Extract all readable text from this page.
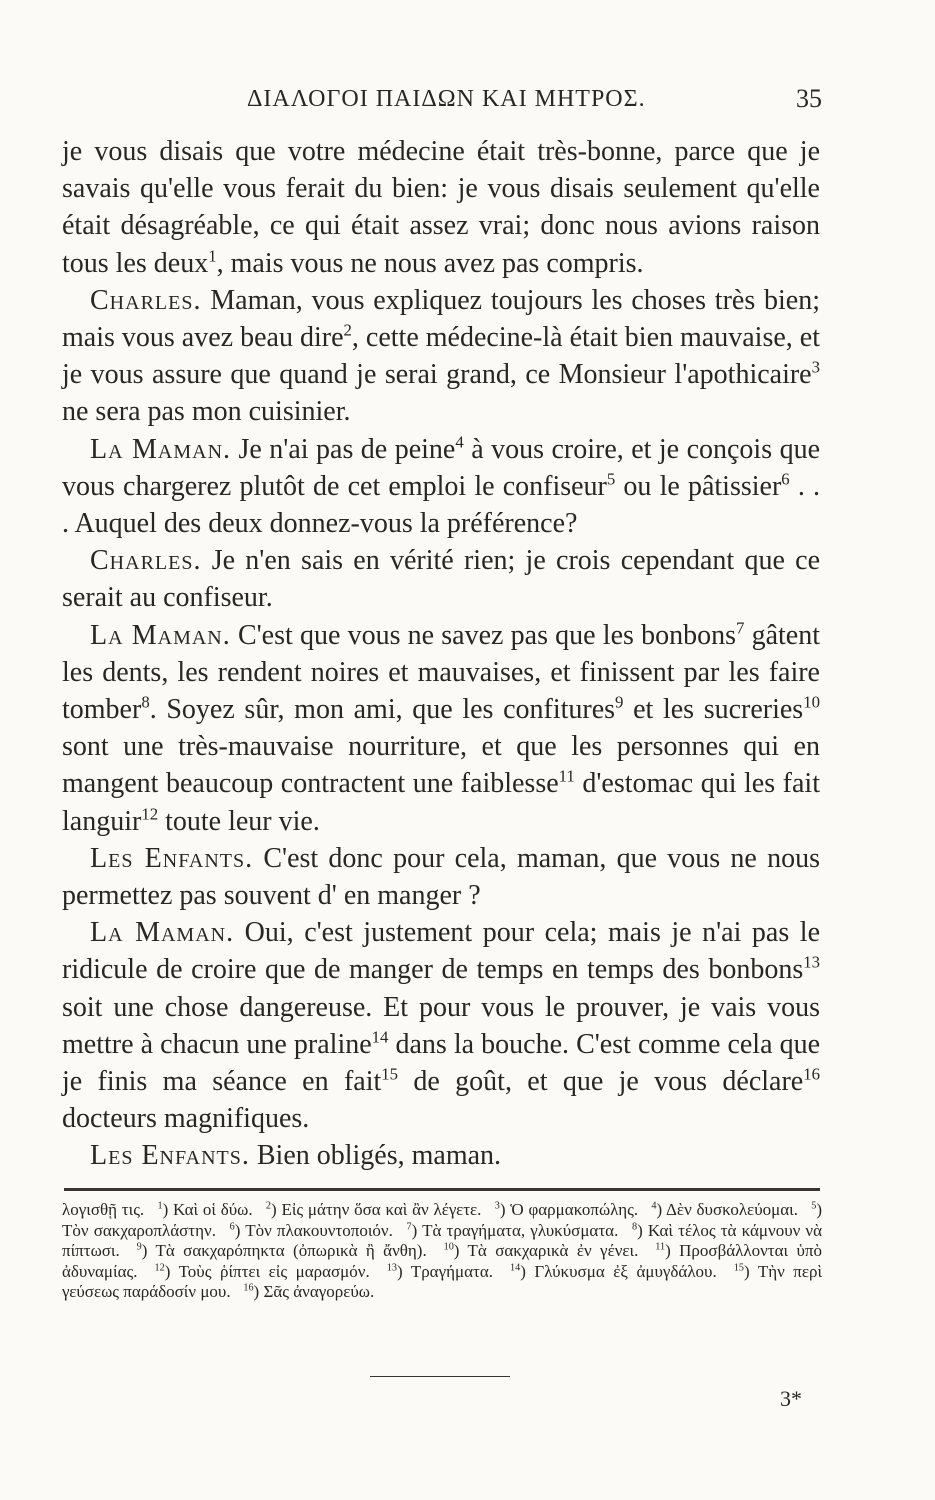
ΔΙΑΛΟΓΟΙ ΠΑΙΔΩΝ ΚΑΙ ΜΗΤΡΟΣ.	35

je vous disais que votre médecine était très-bonne, parce que je savais qu'elle vous ferait du bien: je vous disais seulement qu'elle était désagréable, ce qui était assez vrai; donc nous avions raison tous les deux$^1$, mais vous ne nous avez pas compris.

 Charles. Maman, vous expliquez toujours les choses très bien; mais vous avez beau dire$^2$, cette médecine-là était bien mauvaise, et je vous assure que quand je serai grand, ce Monsieur l'apothicaire$^3$ ne sera pas mon cuisinier.

 La Maman. Je n'ai pas de peine$^4$ à vous croire, et je conçois que vous chargerez plutôt de cet emploi le confiseur$^5$ ou le pâtissier$^6$ . . . Auquel des deux donnez-vous la préférence?

 Charles. Je n'en sais en vérité rien; je crois cependant que ce serait au confiseur.

 La Maman. C'est que vous ne savez pas que les bonbons$^7$ gâtent les dents, les rendent noires et mauvaises, et finissent par les faire tomber$^8$. Soyez sûr, mon ami, que les confitures$^9$ et les sucreries$^{10}$ sont une très-mauvaise nourriture, et que les personnes qui en mangent beaucoup contractent une faiblesse$^{11}$ d'estomac qui les fait languir$^{12}$ toute leur vie.

 Les Enfants. C'est donc pour cela, maman, que vous ne nous permettez pas souvent d' en manger ?

 La Maman. Oui, c'est justement pour cela; mais je n'ai pas le ridicule de croire que de manger de temps en temps des bonbons$^{13}$ soit une chose dangereuse. Et pour vous le prouver, je vais vous mettre à chacun une praline$^{14}$ dans la bouche. C'est comme cela que je finis ma séance en fait$^{15}$ de goût, et que je vous déclare$^{16}$ docteurs magnifiques.

 Les Enfants. Bien obligés, maman.

λογισθῇ τις.   $^1$) Καὶ οἱ δύω.   $^2$) Εἰς μάτην ὅσα καὶ ἂν λέγετε.   $^3$) Ὁ φαρμακοπώλης.   $^4$) Δὲν δυσκολεύομαι.   $^5$) Τὸν σακχαροπλάστην.   $^6$) Τὸν πλακουντοποιόν.   $^7$) Τὰ τραγήματα, γλυκύσματα.   $^8$) Καὶ τέλος τὰ κάμνουν νὰ πίπτωσι.   $^9$) Τὰ σακχαρόπηκτα (ὀπωρικὰ ἢ ἄνθη).   $^{10}$) Τὰ σακχαρικὰ ἐν γένει.   $^{11}$) Προσβάλλονται ὑπὸ ἀδυναμίας.   $^{12}$) Τοὺς ῥίπτει εἰς μαρασμόν.   $^{13}$) Τραγήματα.   $^{14}$) Γλύκυσμα ἐξ ἀμυγδάλου.   $^{15}$) Τὴν περὶ γεύσεως παράδοσίν μου.   $^{16}$) Σᾶς ἀναγορεύω.
3*
